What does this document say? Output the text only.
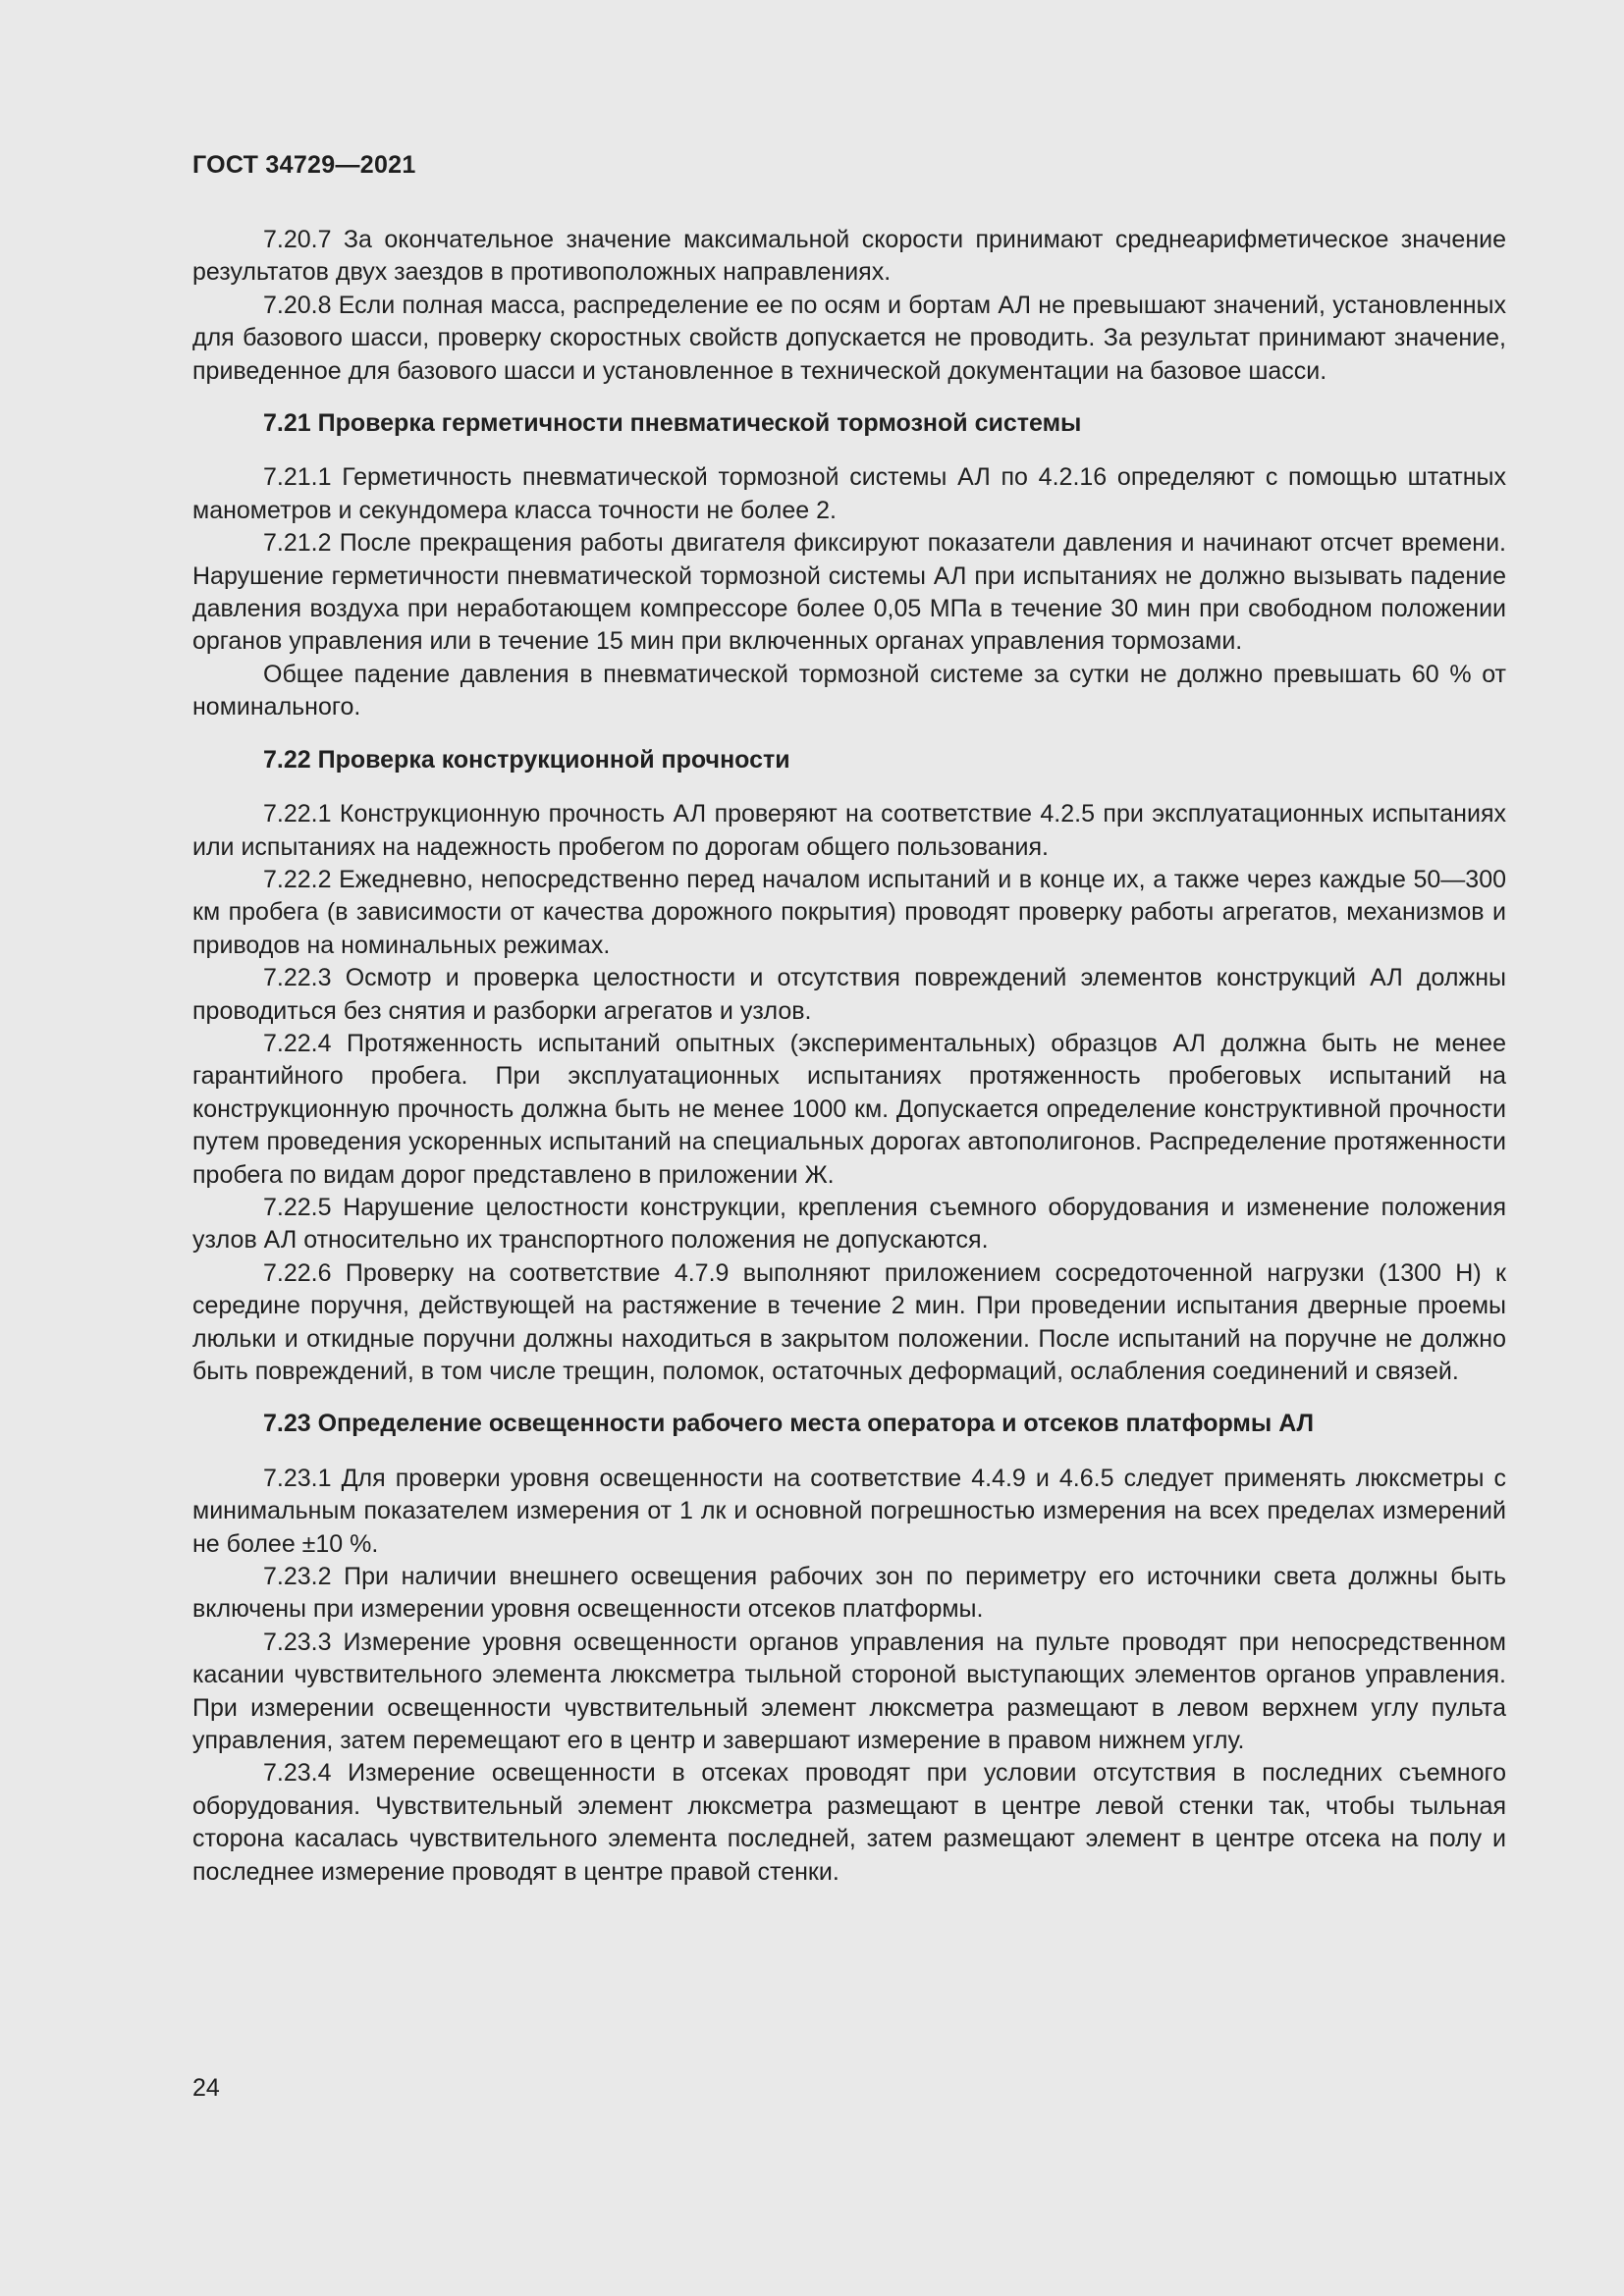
ГОСТ 34729—2021

7.20.7 За окончательное значение максимальной скорости принимают среднеарифметическое значение результатов двух заездов в противоположных направлениях.

7.20.8 Если полная масса, распределение ее по осям и бортам АЛ не превышают значений, установленных для базового шасси, проверку скоростных свойств допускается не проводить. За результат принимают значение, приведенное для базового шасси и установленное в технической документации на базовое шасси.

7.21 Проверка герметичности пневматической тормозной системы

7.21.1 Герметичность пневматической тормозной системы АЛ по 4.2.16 определяют с помощью штатных манометров и секундомера класса точности не более 2.

7.21.2 После прекращения работы двигателя фиксируют показатели давления и начинают отсчет времени. Нарушение герметичности пневматической тормозной системы АЛ при испытаниях не должно вызывать падение давления воздуха при неработающем компрессоре более 0,05 МПа в течение 30 мин при свободном положении органов управления или в течение 15 мин при включенных органах управления тормозами.

Общее падение давления в пневматической тормозной системе за сутки не должно превышать 60 % от номинального.

7.22 Проверка конструкционной прочности

7.22.1 Конструкционную прочность АЛ проверяют на соответствие 4.2.5 при эксплуатационных испытаниях или испытаниях на надежность пробегом по дорогам общего пользования.

7.22.2 Ежедневно, непосредственно перед началом испытаний и в конце их, а также через каждые 50—300 км пробега (в зависимости от качества дорожного покрытия) проводят проверку работы агрегатов, механизмов и приводов на номинальных режимах.

7.22.3 Осмотр и проверка целостности и отсутствия повреждений элементов конструкций АЛ должны проводиться без снятия и разборки агрегатов и узлов.

7.22.4 Протяженность испытаний опытных (экспериментальных) образцов АЛ должна быть не менее гарантийного пробега. При эксплуатационных испытаниях протяженность пробеговых испытаний на конструкционную прочность должна быть не менее 1000 км. Допускается определение конструктивной прочности путем проведения ускоренных испытаний на специальных дорогах автополигонов. Распределение протяженности пробега по видам дорог представлено в приложении Ж.

7.22.5 Нарушение целостности конструкции, крепления съемного оборудования и изменение положения узлов АЛ относительно их транспортного положения не допускаются.

7.22.6 Проверку на соответствие 4.7.9 выполняют приложением сосредоточенной нагрузки (1300 Н) к середине поручня, действующей на растяжение в течение 2 мин. При проведении испытания дверные проемы люльки и откидные поручни должны находиться в закрытом положении. После испытаний на поручне не должно быть повреждений, в том числе трещин, поломок, остаточных деформаций, ослабления соединений и связей.

7.23 Определение освещенности рабочего места оператора и отсеков платформы АЛ

7.23.1 Для проверки уровня освещенности на соответствие 4.4.9 и 4.6.5 следует применять люксметры с минимальным показателем измерения от 1 лк и основной погрешностью измерения на всех пределах измерений не более ±10 %.

7.23.2 При наличии внешнего освещения рабочих зон по периметру его источники света должны быть включены при измерении уровня освещенности отсеков платформы.

7.23.3 Измерение уровня освещенности органов управления на пульте проводят при непосредственном касании чувствительного элемента люксметра тыльной стороной выступающих элементов органов управления. При измерении освещенности чувствительный элемент люксметра размещают в левом верхнем углу пульта управления, затем перемещают его в центр и завершают измерение в правом нижнем углу.

7.23.4 Измерение освещенности в отсеках проводят при условии отсутствия в последних съемного оборудования. Чувствительный элемент люксметра размещают в центре левой стенки так, чтобы тыльная сторона касалась чувствительного элемента последней, затем размещают элемент в центре отсека на полу и последнее измерение проводят в центре правой стенки.

24
